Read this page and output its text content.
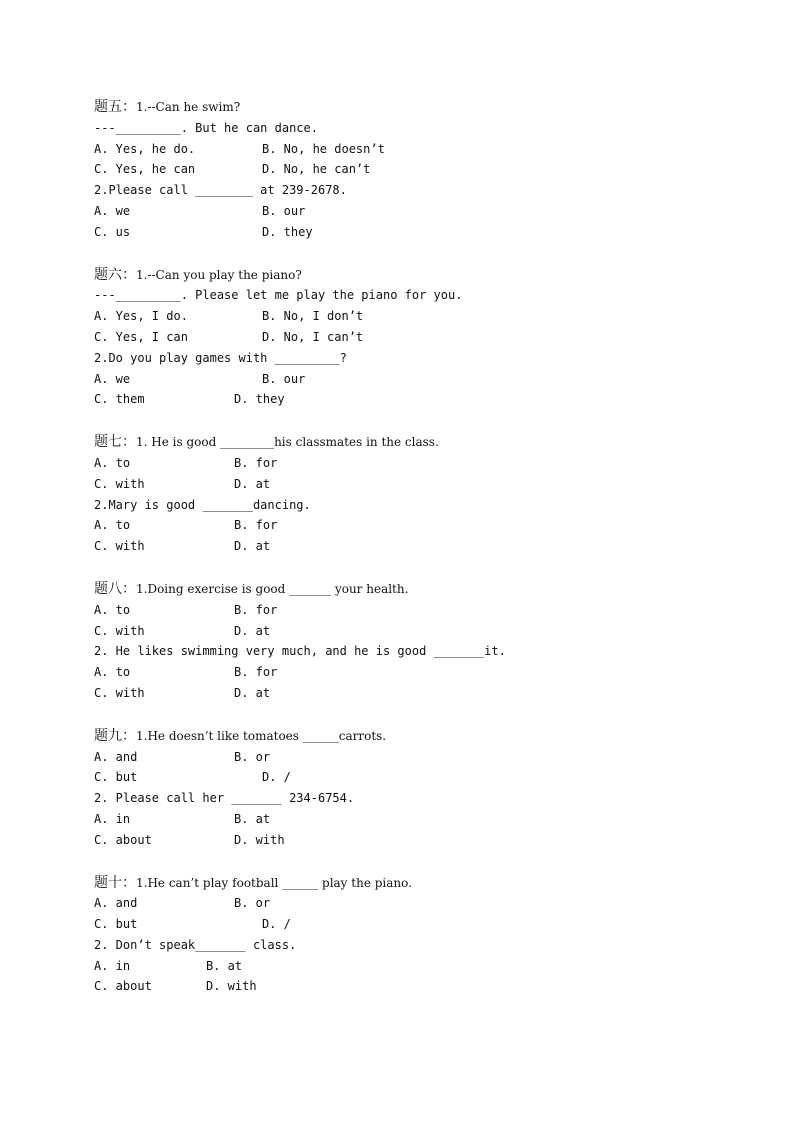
题五： 1.--Can he swim?
---_________. But he can dance.
A. Yes, he do.	B. No, he doesn’t
C. Yes, he can	D. No, he can’t
2.Please call ________ at 239-2678.
A. we	B. our
C. us	D. they
题六： 1.--Can you play the piano?
---_________. Please let me play the piano for you.
A. Yes, I do.	B. No, I don’t
C. Yes, I can	D. No, I can’t
2.Do you play games with _________?
A. we	B. our
C. them	D. they
题七： 1. He is good _________his classmates in the class.
A. to	B. for
C. with	D. at
2.Mary is good _______dancing.
A. to	B. for
C. with	D. at
题八： 1.Doing exercise is good _______ your health.
A. to	B. for
C. with	D. at
2. He likes swimming very much, and he is good _______it.
A. to	B. for
C. with	D. at
题九： 1.He doesn’t like tomatoes ______carrots.
A. and	B. or
C. but	D. /
2. Please call her _______ 234-6754.
A. in	B. at
C. about	D. with
题十： 1.He can’t play football ______ play the piano.
A. and	B. or
C. but	D. /
2. Don’t speak_______ class.
A. in	B. at
C. about	D. with
